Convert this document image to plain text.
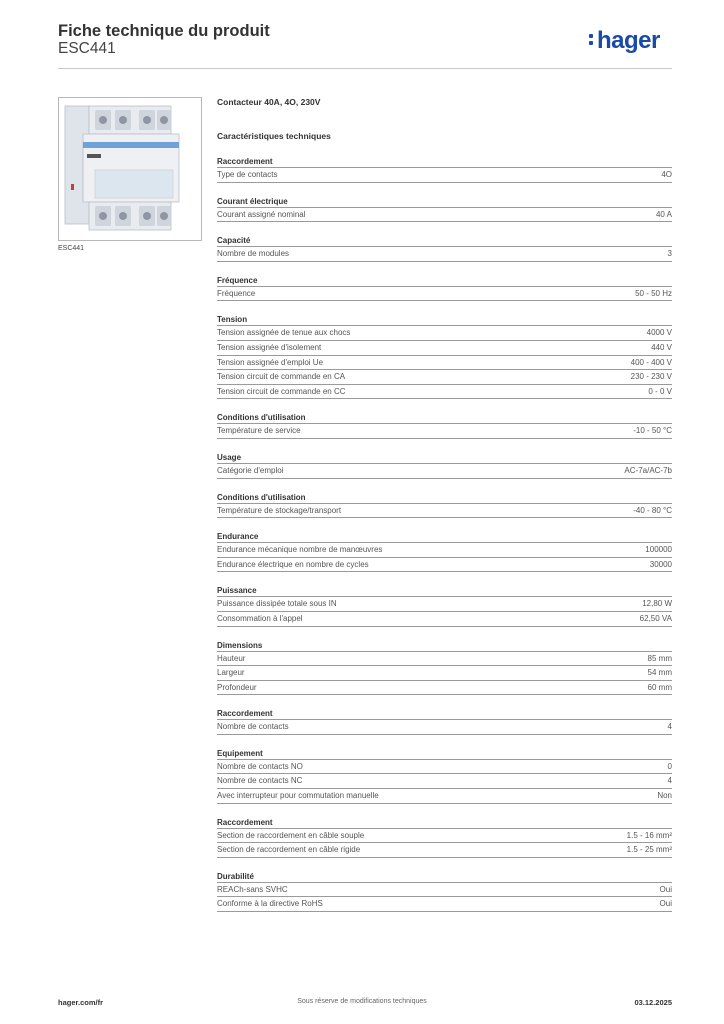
Fiche technique du produit
ESC441	hager
ESC441
Contacteur 40A, 4O, 230V
Caractéristiques techniques
Raccordement
Type de contacts	4O
Courant électrique
Courant assigné nominal	40 A
Capacité
Nombre de modules	3
Fréquence
Fréquence	50 - 50 Hz
Tension
Tension assignée de tenue aux chocs	4000 V
Tension assignée d'isolement	440 V
Tension assignée d'emploi Ue	400 - 400 V
Tension circuit de commande en CA	230 - 230 V
Tension circuit de commande en CC	0 - 0 V
Conditions d'utilisation
Température de service	-10 - 50 °C
Usage
Catégorie d'emploi	AC-7a/AC-7b
Conditions d'utilisation
Température de stockage/transport	-40 - 80 °C
Endurance
Endurance mécanique nombre de manœuvres	100000
Endurance électrique en nombre de cycles	30000
Puissance
Puissance dissipée totale sous IN	12,80 W
Consommation à l'appel	62,50 VA
Dimensions
Hauteur	85 mm
Largeur	54 mm
Profondeur	60 mm
Raccordement
Nombre de contacts	4
Equipement
Nombre de contacts NO	0
Nombre de contacts NC	4
Avec interrupteur pour commutation manuelle	Non
Raccordement
Section de raccordement en câble souple	1.5 - 16 mm²
Section de raccordement en câble rigide	1.5 - 25 mm²
Durabilité
REACh-sans SVHC	Oui
Conforme à la directive RoHS	Oui
hager.com/fr	Sous réserve de modifications techniques	03.12.2025
